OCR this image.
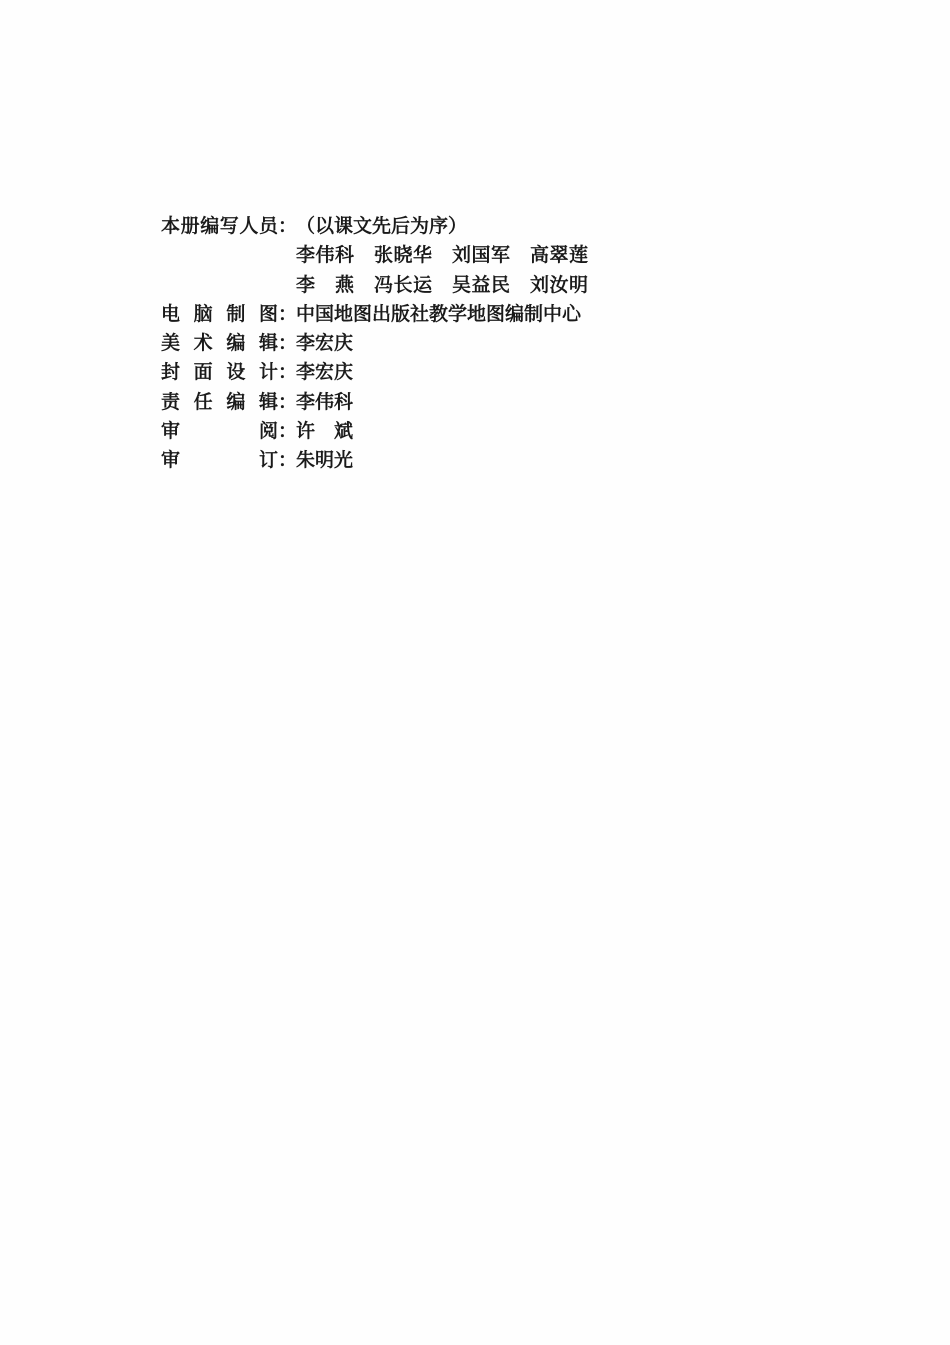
本册编写人员 ：
（以课文先后为序）
李伟科　张晓华　刘国军　高翠莲
李　燕　冯长运　吴益民　刘汝明
电脑制图 ：
中国地图出版社教学地图编制中心
美术编辑 ：
李宏庆
封面设计 ：
李宏庆
责任编辑 ：
李伟科
审阅 ：
许　斌
审订 ：
朱明光
